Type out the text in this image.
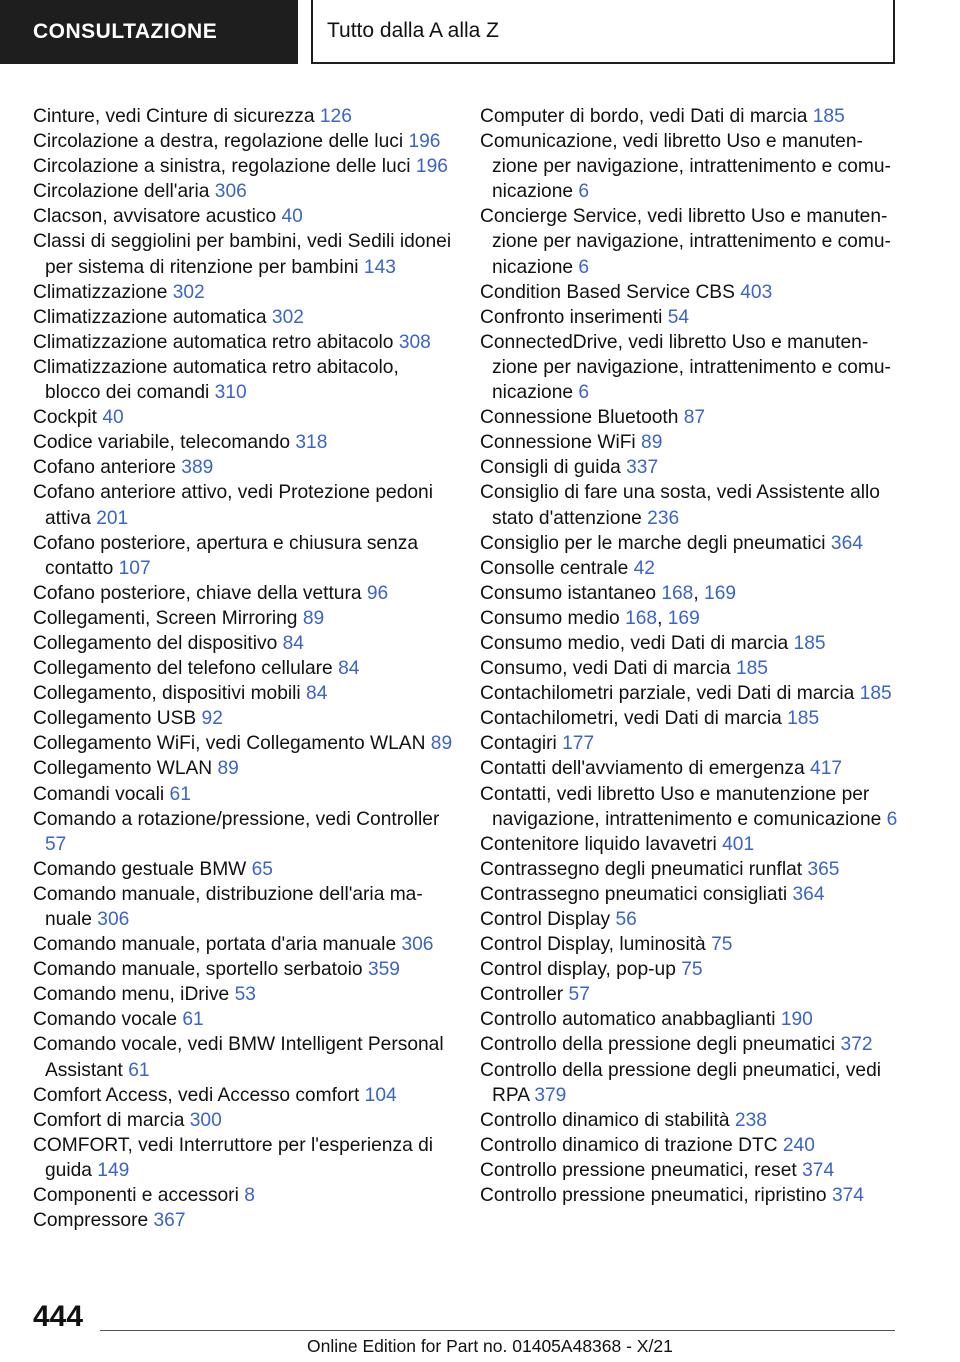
CONSULTAZIONE	Tutto dalla A alla Z
Cinture, vedi Cinture di sicurezza 126
Circolazione a destra, regolazione delle luci 196
Circolazione a sinistra, regolazione delle luci 196
Circolazione dell'aria 306
Clacson, avvisatore acustico 40
Classi di seggiolini per bambini, vedi Sedili idonei per sistema di ritenzione per bambini 143
Climatizzazione 302
Climatizzazione automatica 302
Climatizzazione automatica retro abitacolo 308
Climatizzazione automatica retro abitacolo, blocco dei comandi 310
Cockpit 40
Codice variabile, telecomando 318
Cofano anteriore 389
Cofano anteriore attivo, vedi Protezione pedoni attiva 201
Cofano posteriore, apertura e chiusura senza contatto 107
Cofano posteriore, chiave della vettura 96
Collegamenti, Screen Mirroring 89
Collegamento del dispositivo 84
Collegamento del telefono cellulare 84
Collegamento, dispositivi mobili 84
Collegamento USB 92
Collegamento WiFi, vedi Collegamento WLAN 89
Collegamento WLAN 89
Comandi vocali 61
Comando a rotazione/pressione, vedi Controller 57
Comando gestuale BMW 65
Comando manuale, distribuzione dell'aria manuale 306
Comando manuale, portata d'aria manuale 306
Comando manuale, sportello serbatoio 359
Comando menu, iDrive 53
Comando vocale 61
Comando vocale, vedi BMW Intelligent Personal Assistant 61
Comfort Access, vedi Accesso comfort 104
Comfort di marcia 300
COMFORT, vedi Interruttore per l'esperienza di guida 149
Componenti e accessori 8
Compressore 367
Computer di bordo, vedi Dati di marcia 185
Comunicazione, vedi libretto Uso e manutenzione per navigazione, intrattenimento e comunicazione 6
Concierge Service, vedi libretto Uso e manutenzione per navigazione, intrattenimento e comunicazione 6
Condition Based Service CBS 403
Confronto inserimenti 54
ConnectedDrive, vedi libretto Uso e manutenzione per navigazione, intrattenimento e comunicazione 6
Connessione Bluetooth 87
Connessione WiFi 89
Consigli di guida 337
Consiglio di fare una sosta, vedi Assistente allo stato d'attenzione 236
Consiglio per le marche degli pneumatici 364
Consolle centrale 42
Consumo istantaneo 168, 169
Consumo medio 168, 169
Consumo medio, vedi Dati di marcia 185
Consumo, vedi Dati di marcia 185
Contachilometri parziale, vedi Dati di marcia 185
Contachilometri, vedi Dati di marcia 185
Contagiri 177
Contatti dell'avviamento di emergenza 417
Contatti, vedi libretto Uso e manutenzione per navigazione, intrattenimento e comunicazione 6
Contenitore liquido lavavetri 401
Contrassegno degli pneumatici runflat 365
Contrassegno pneumatici consigliati 364
Control Display 56
Control Display, luminosità 75
Control display, pop-up 75
Controller 57
Controllo automatico anabbaglianti 190
Controllo della pressione degli pneumatici 372
Controllo della pressione degli pneumatici, vedi RPA 379
Controllo dinamico di stabilità 238
Controllo dinamico di trazione DTC 240
Controllo pressione pneumatici, reset 374
Controllo pressione pneumatici, ripristino 374
444
Online Edition for Part no. 01405A48368 - X/21
